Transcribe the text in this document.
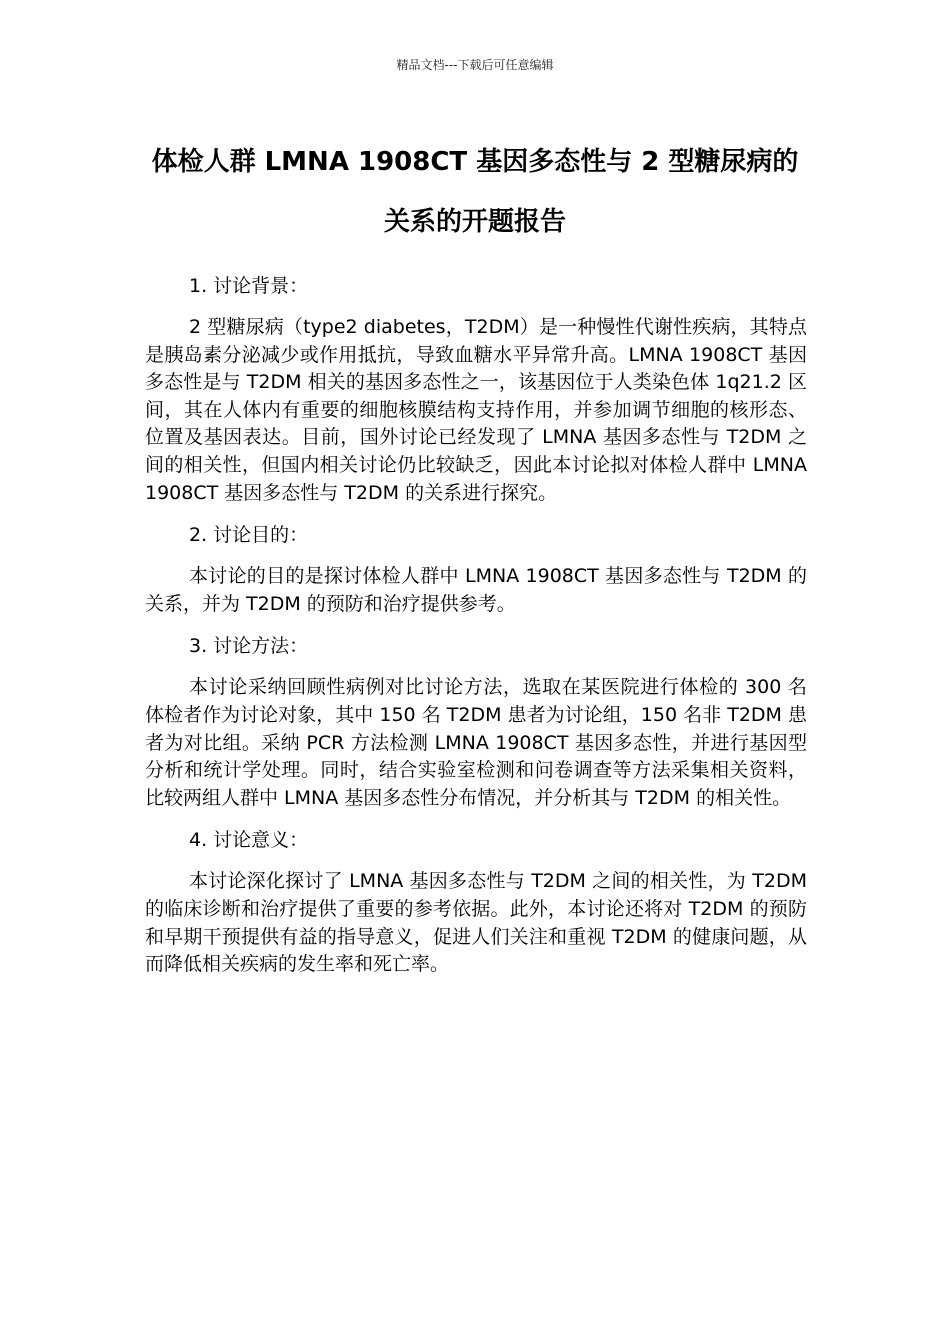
精品文档---下载后可任意编辑
体检人群 LMNA 1908CT 基因多态性与 2 型糖尿病的关系的开题报告

1. 讨论背景：

2 型糖尿病（type2 diabetes，T2DM）是一种慢性代谢性疾病，其特点是胰岛素分泌减少或作用抵抗，导致血糖水平异常升高。LMNA 1908CT 基因多态性是与 T2DM 相关的基因多态性之一，该基因位于人类染色体 1q21.2 区间，其在人体内有重要的细胞核膜结构支持作用，并参加调节细胞的核形态、位置及基因表达。目前，国外讨论已经发现了 LMNA 基因多态性与 T2DM 之间的相关性，但国内相关讨论仍比较缺乏，因此本讨论拟对体检人群中 LMNA 1908CT 基因多态性与 T2DM 的关系进行探究。

2. 讨论目的：

本讨论的目的是探讨体检人群中 LMNA 1908CT 基因多态性与 T2DM 的关系，并为 T2DM 的预防和治疗提供参考。

3. 讨论方法：

本讨论采纳回顾性病例对比讨论方法，选取在某医院进行体检的 300 名体检者作为讨论对象，其中 150 名 T2DM 患者为讨论组，150 名非 T2DM 患者为对比组。采纳 PCR 方法检测 LMNA 1908CT 基因多态性，并进行基因型分析和统计学处理。同时，结合实验室检测和问卷调查等方法采集相关资料，比较两组人群中 LMNA 基因多态性分布情况，并分析其与 T2DM 的相关性。

4. 讨论意义：

本讨论深化探讨了 LMNA 基因多态性与 T2DM 之间的相关性，为 T2DM 的临床诊断和治疗提供了重要的参考依据。此外，本讨论还将对 T2DM 的预防和早期干预提供有益的指导意义，促进人们关注和重视 T2DM 的健康问题，从而降低相关疾病的发生率和死亡率。
